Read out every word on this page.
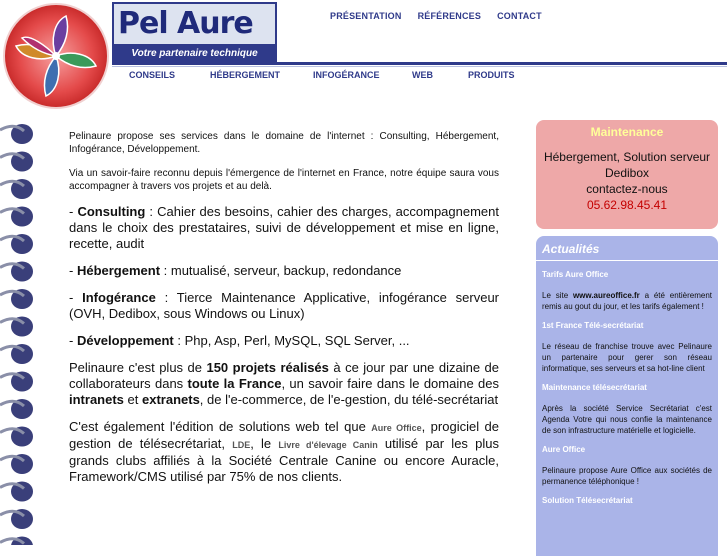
Pel Aure
Votre partenaire technique
PRÉSENTATION RÉFÉRENCES CONTACT
CONSEILS	HÉBERGEMENT	INFOGÉRANCE	WEB	PRODUITS

Pelinaure propose ses services dans le domaine de l'internet : Consulting, Hébergement, Infogérance, Développement.

Via un savoir-faire reconnu depuis l'émergence de l'internet en France, notre équipe saura vous accompagner à travers vos projets et au delà.

- Consulting : Cahier des besoins, cahier des charges, accompagnement dans le choix des prestataires, suivi de développement et mise en ligne, recette, audit

- Hébergement : mutualisé, serveur, backup, redondance

- Infogérance : Tierce Maintenance Applicative, infogérance serveur (OVH, Dedibox, sous Windows ou Linux)

- Développement : Php, Asp, Perl, MySQL, SQL Server, ...

Pelinaure c'est plus de 150 projets réalisés à ce jour par une dizaine de collaborateurs dans toute la France, un savoir faire dans le domaine des intranets et extranets, de l'e-commerce, de l'e-gestion, du télé-secrétariat

C'est également l'édition de solutions web tel que Aure Office, progiciel de gestion de télésecrétariat, LDE, le Livre d'élevage Canin utilisé par les plus grands clubs affiliés à la Société Centrale Canine ou encore Auracle, Framework/CMS utilisé par 75% de nos clients.

Maintenance
Hébergement, Solution serveur Dedibox
contactez-nous
05.62.98.45.41
Actualités
Tarifs Aure Office
Le site www.aureoffice.fr a été entièrement remis au gout du jour, et les tarifs également !
1st France Télé-secrétariat
Le réseau de franchise trouve avec Pelinaure un partenaire pour gerer son réseau informatique, ses serveurs et sa hot-line client
Maintenance télésecrétariat
Après la société Service Secrétariat c'est Agenda Votre qui nous confie la maintenance de son infrastructure matérielle et logicielle.
Aure Office
Pelinaure propose Aure Office aux sociétés de permanence téléphonique !
Solution Télésecrétariat
